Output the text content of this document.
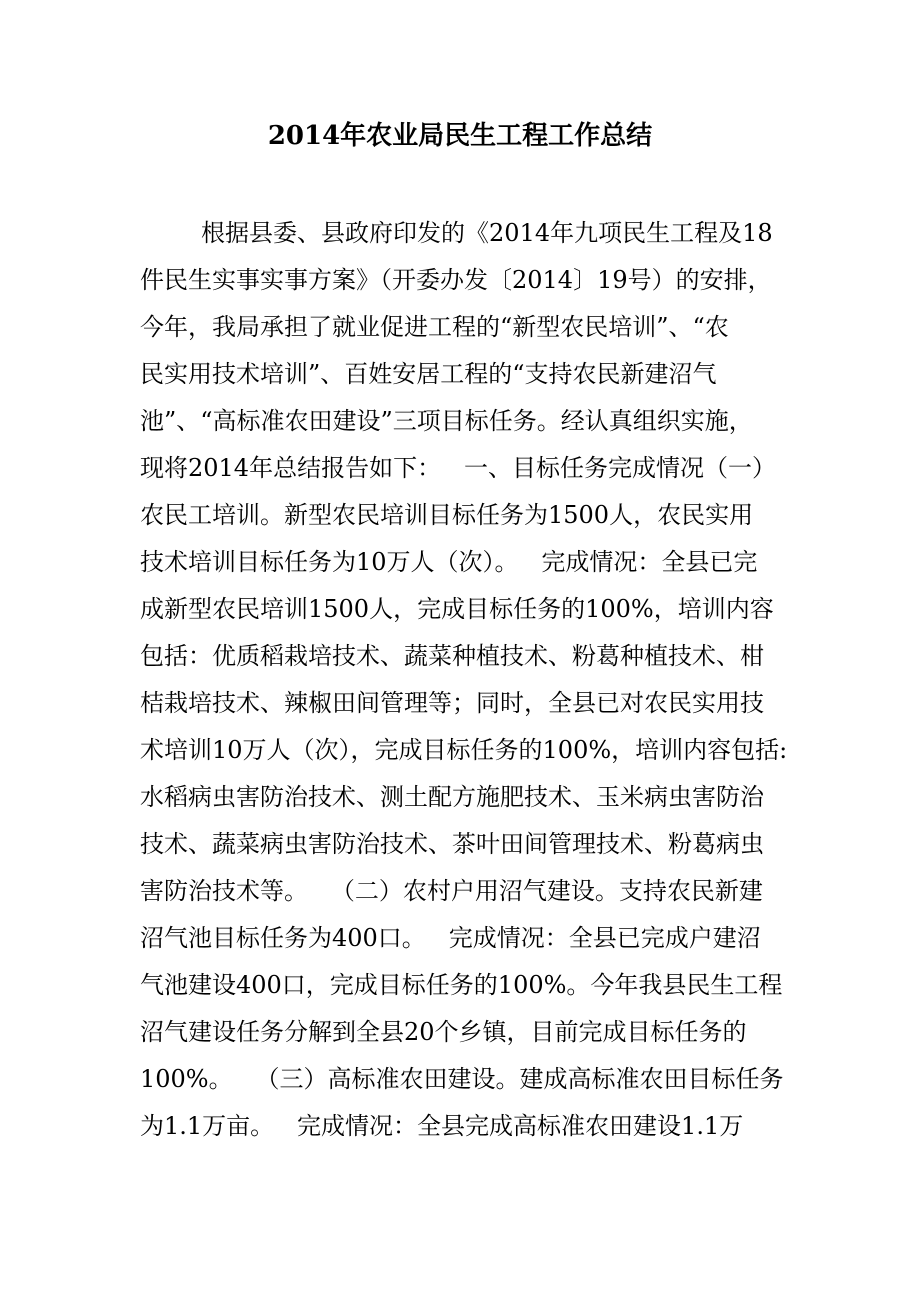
2014年农业局民生工程工作总结
根据县委、县政府印发的《2014年九项民生工程及18
件民生实事实事方案》（开委办发〔2014〕19号）的安排，
今年，我局承担了就业促进工程的“新型农民培训”、“农
民实用技术培训”、百姓安居工程的“支持农民新建沼气
池”、“高标准农田建设”三项目标任务。经认真组织实施，
现将2014年总结报告如下：   一、目标任务完成情况（一）
农民工培训。新型农民培训目标任务为1500人，农民实用
技术培训目标任务为10万人（次）。   完成情况：全县已完
成新型农民培训1500人，完成目标任务的100%，培训内容
包括：优质稻栽培技术、蔬菜种植技术、粉葛种植技术、柑
桔栽培技术、辣椒田间管理等；同时，全县已对农民实用技
术培训10万人（次），完成目标任务的100%，培训内容包括:
水稻病虫害防治技术、测土配方施肥技术、玉米病虫害防治
技术、蔬菜病虫害防治技术、茶叶田间管理技术、粉葛病虫
害防治技术等。   （二）农村户用沼气建设。支持农民新建
沼气池目标任务为400口。   完成情况：全县已完成户建沼
气池建设400口，完成目标任务的100%。今年我县民生工程
沼气建设任务分解到全县20个乡镇，目前完成目标任务的
100%。   （三）高标准农田建设。建成高标准农田目标任务
为1.1万亩。   完成情况：全县完成高标准农田建设1.1万
